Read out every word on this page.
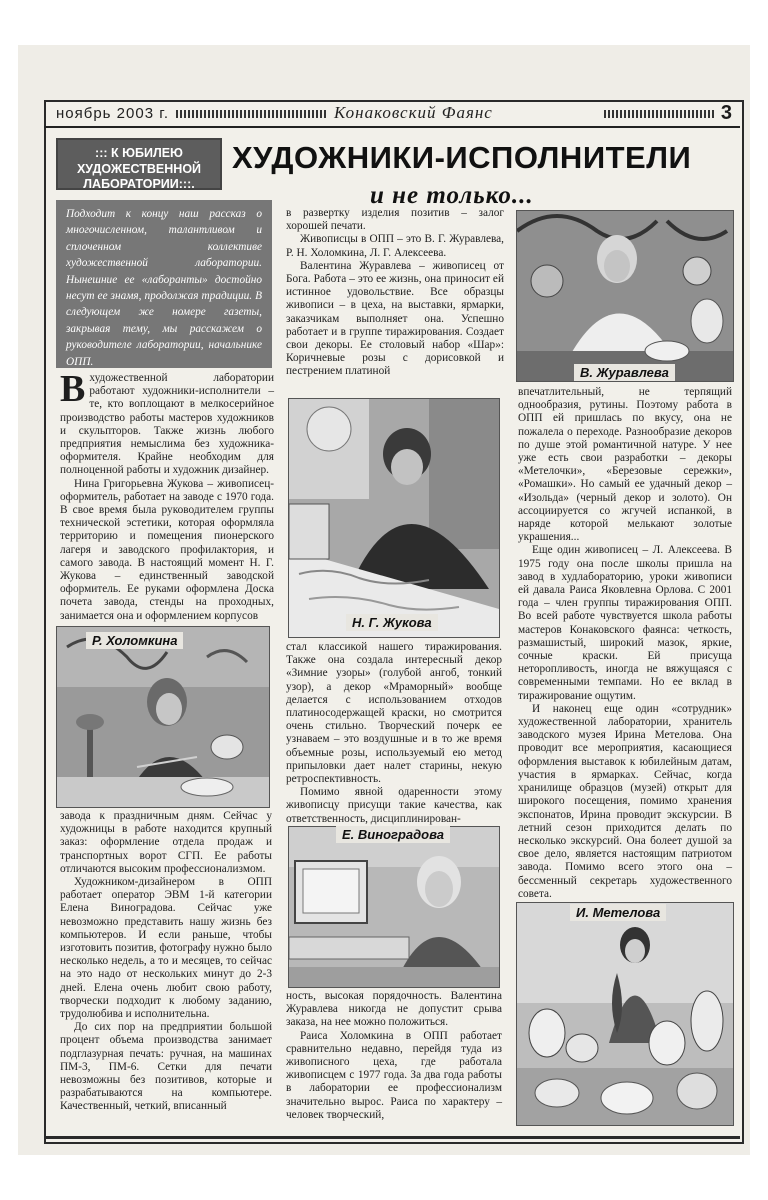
ноябрь 2003 г.	Конаковский Фаянс	3
::: К ЮБИЛЕЮ
ХУДОЖЕСТВЕННОЙ
ЛАБОРАТОРИИ:::.
ХУДОЖНИКИ-ИСПОЛНИТЕЛИ
и не только...
Подходит к концу наш рассказ о многочисленном, талантливом и сплоченном коллективе художественной лаборатории. Нынешние ее «лаборанты» достойно несут ее знамя, продолжая традиции. В следующем же номере газеты, закрывая тему, мы расскажем о руководителе лаборатории, начальнике ОПП.

Вхудожественной лаборатории работают художники-исполнители – те, кто воплощают в мелкосерийное производство работы мастеров художников и скульпторов. Также жизнь любого предприятия немыслима без художника-оформителя. Крайне необходим для полноценной работы и художник дизайнер.

Нина Григорьевна Жукова – живописец-оформитель, работает на заводе с 1970 года. В свое время была руководителем группы технической эстетики, которая оформляла территорию и помещения пионерского лагеря и заводского профилактория, и самого завода. В настоящий момент Н. Г. Жукова – единственный заводской оформитель. Ее руками оформлена Доска почета завода, стенды на проходных, занимается она и оформлением корпусов

Р. Холомкина

завода к праздничным дням. Сейчас у художницы в работе находится крупный заказ: оформление отдела продаж и транспортных ворот СГП. Ее работы отличаются высоким профессионализмом.

Художником-дизайнером в ОПП работает оператор ЭВМ 1-й категории Елена Виноградова. Сейчас уже невозможно представить нашу жизнь без компьютеров. И если раньше, чтобы изготовить позитив, фотографу нужно было несколько недель, а то и месяцев, то сейчас на это надо от нескольких минут до 2-3 дней. Елена очень любит свою работу, творчески подходит к любому заданию, трудолюбива и исполнительна.

До сих пор на предприятии большой процент объема производства занимает подглазурная печать: ручная, на машинах ПМ-3, ПМ-6. Сетки для печати невозможны без позитивов, которые и разрабатываются на компьютере. Качественный, четкий, вписанный

в развертку изделия позитив – залог хорошей печати.

Живописцы в ОПП – это В. Г. Журавлева, Р. Н. Холомкина, Л. Г. Алексеева.

Валентина Журавлева – живописец от Бога. Работа – это ее жизнь, она приносит ей истинное удовольствие. Все образцы живописи – в цеха, на выставки, ярмарки, заказчикам выполняет она. Успешно работает и в группе тиражирования. Создает свои декоры. Ее столовый набор «Шар»: Коричневые розы с дорисовкой и пестрением платиной

Н. Г. Жукова

стал классикой нашего тиражирования. Также она создала интересный декор «Зимние узоры» (голубой ангоб, тонкий узор), а декор «Мраморный» вообще делается с использованием отходов платиносодержащей краски, но смотрится очень стильно. Творческий почерк ее узнаваем – это воздушные и в то же время объемные розы, используемый ею метод припыловки дает налет старины, некую ретроспективность.

Помимо явной одаренности этому живописцу присущи такие качества, как ответственность, дисциплинирован-

Е. Виноградова

ность, высокая порядочность. Валентина Журавлева никогда не допустит срыва заказа, на нее можно положиться.

Раиса Холомкина в ОПП работает сравнительно недавно, перейдя туда из живописного цеха, где работала живописцем с 1977 года. За два года работы в лаборатории ее профессионализм значительно вырос. Раиса по характеру – человек творческий,

В. Журавлева

впечатлительный, не терпящий однообразия, рутины. Поэтому работа в ОПП ей пришлась по вкусу, она не пожалела о переходе. Разнообразие декоров по душе этой романтичной натуре. У нее уже есть свои разработки – декоры «Метелочки», «Березовые сережки», «Ромашки». Но самый ее удачный декор – «Изольда» (черный декор и золото). Он ассоциируется со жгучей испанкой, в наряде которой мелькают золотые украшения...

Еще один живописец – Л. Алексеева. В 1975 году она после школы пришла на завод в худлабораторию, уроки живописи ей давала Раиса Яковлевна Орлова. С 2001 года – член группы тиражирования ОПП. Во всей работе чувствуется школа работы мастеров Конаковского фаянса: четкость, размашистый, широкий мазок, яркие, сочные краски. Ей присуща неторопливость, иногда не вяжущаяся с современными темпами. Но ее вклад в тиражирование ощутим.

И наконец еще один «сотрудник» художественной лаборатории, хранитель заводского музея Ирина Метелова. Она проводит все мероприятия, касающиеся оформления выставок к юбилейным датам, участия в ярмарках. Сейчас, когда хранилище образцов (музей) открыт для широкого посещения, помимо хранения экспонатов, Ирина проводит экскурсии. В летний сезон приходится делать по несколько экскурсий. Она болеет душой за свое дело, является настоящим патриотом завода. Помимо всего этого она – бессменный секретарь художественного совета.

И. Метелова
